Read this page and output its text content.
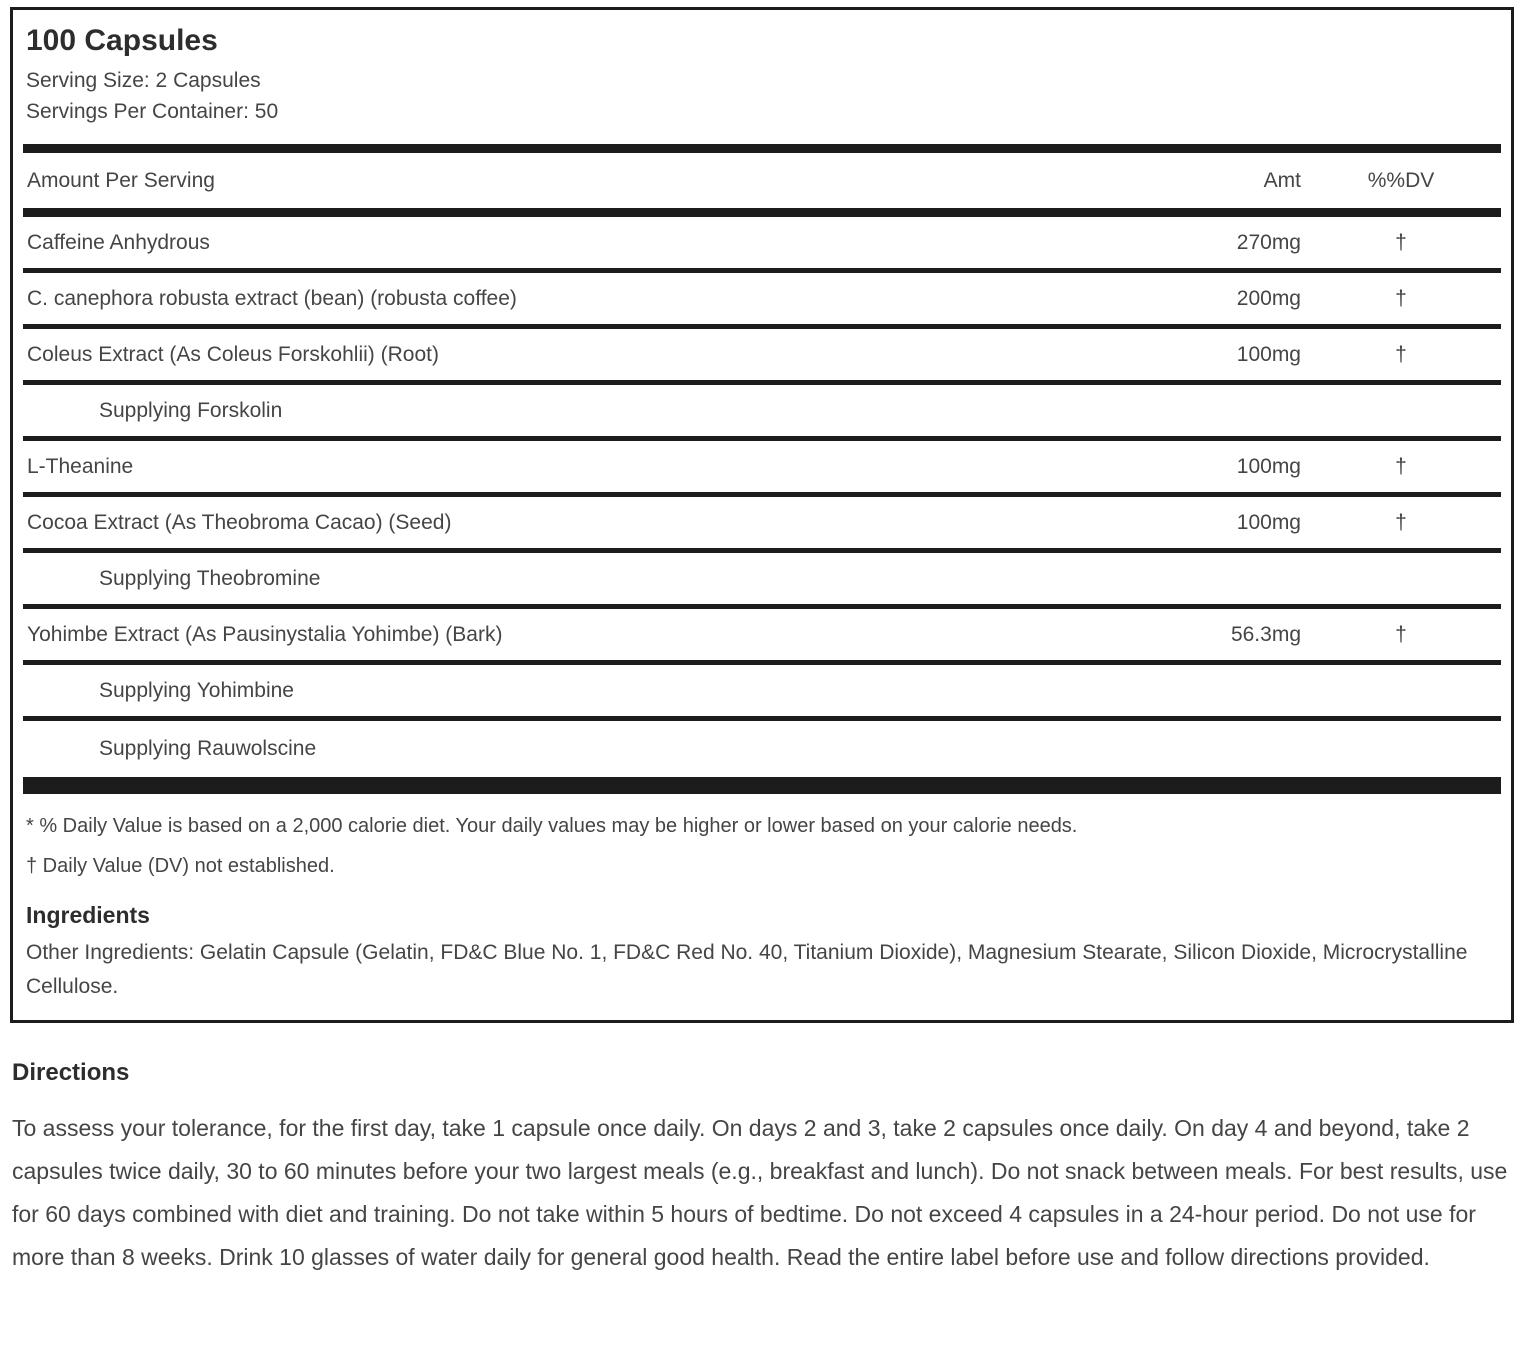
100 Capsules
Serving Size: 2 Capsules
Servings Per Container: 50
Amount Per Serving	Amt	%%DV
Caffeine Anhydrous	270mg	†
C. canephora robusta extract (bean) (robusta coffee)	200mg	†
Coleus Extract (As Coleus Forskohlii) (Root)	100mg	†
Supplying Forskolin
L-Theanine	100mg	†
Cocoa Extract (As Theobroma Cacao) (Seed)	100mg	†
Supplying Theobromine
Yohimbe Extract (As Pausinystalia Yohimbe) (Bark)	56.3mg	†
Supplying Yohimbine
Supplying Rauwolscine
* % Daily Value is based on a 2,000 calorie diet. Your daily values may be higher or lower based on your calorie needs.
† Daily Value (DV) not established.
Ingredients

Other Ingredients: Gelatin Capsule (Gelatin, FD&C Blue No. 1, FD&C Red No. 40, Titanium Dioxide), Magnesium Stearate, Silicon Dioxide, Microcrystalline Cellulose.

Directions

To assess your tolerance, for the first day, take 1 capsule once daily. On days 2 and 3, take 2 capsules once daily. On day 4 and beyond, take 2 capsules twice daily, 30 to 60 minutes before your two largest meals (e.g., breakfast and lunch). Do not snack between meals. For best results, use for 60 days combined with diet and training. Do not take within 5 hours of bedtime. Do not exceed 4 capsules in a 24-hour period. Do not use for more than 8 weeks. Drink 10 glasses of water daily for general good health. Read the entire label before use and follow directions provided.
